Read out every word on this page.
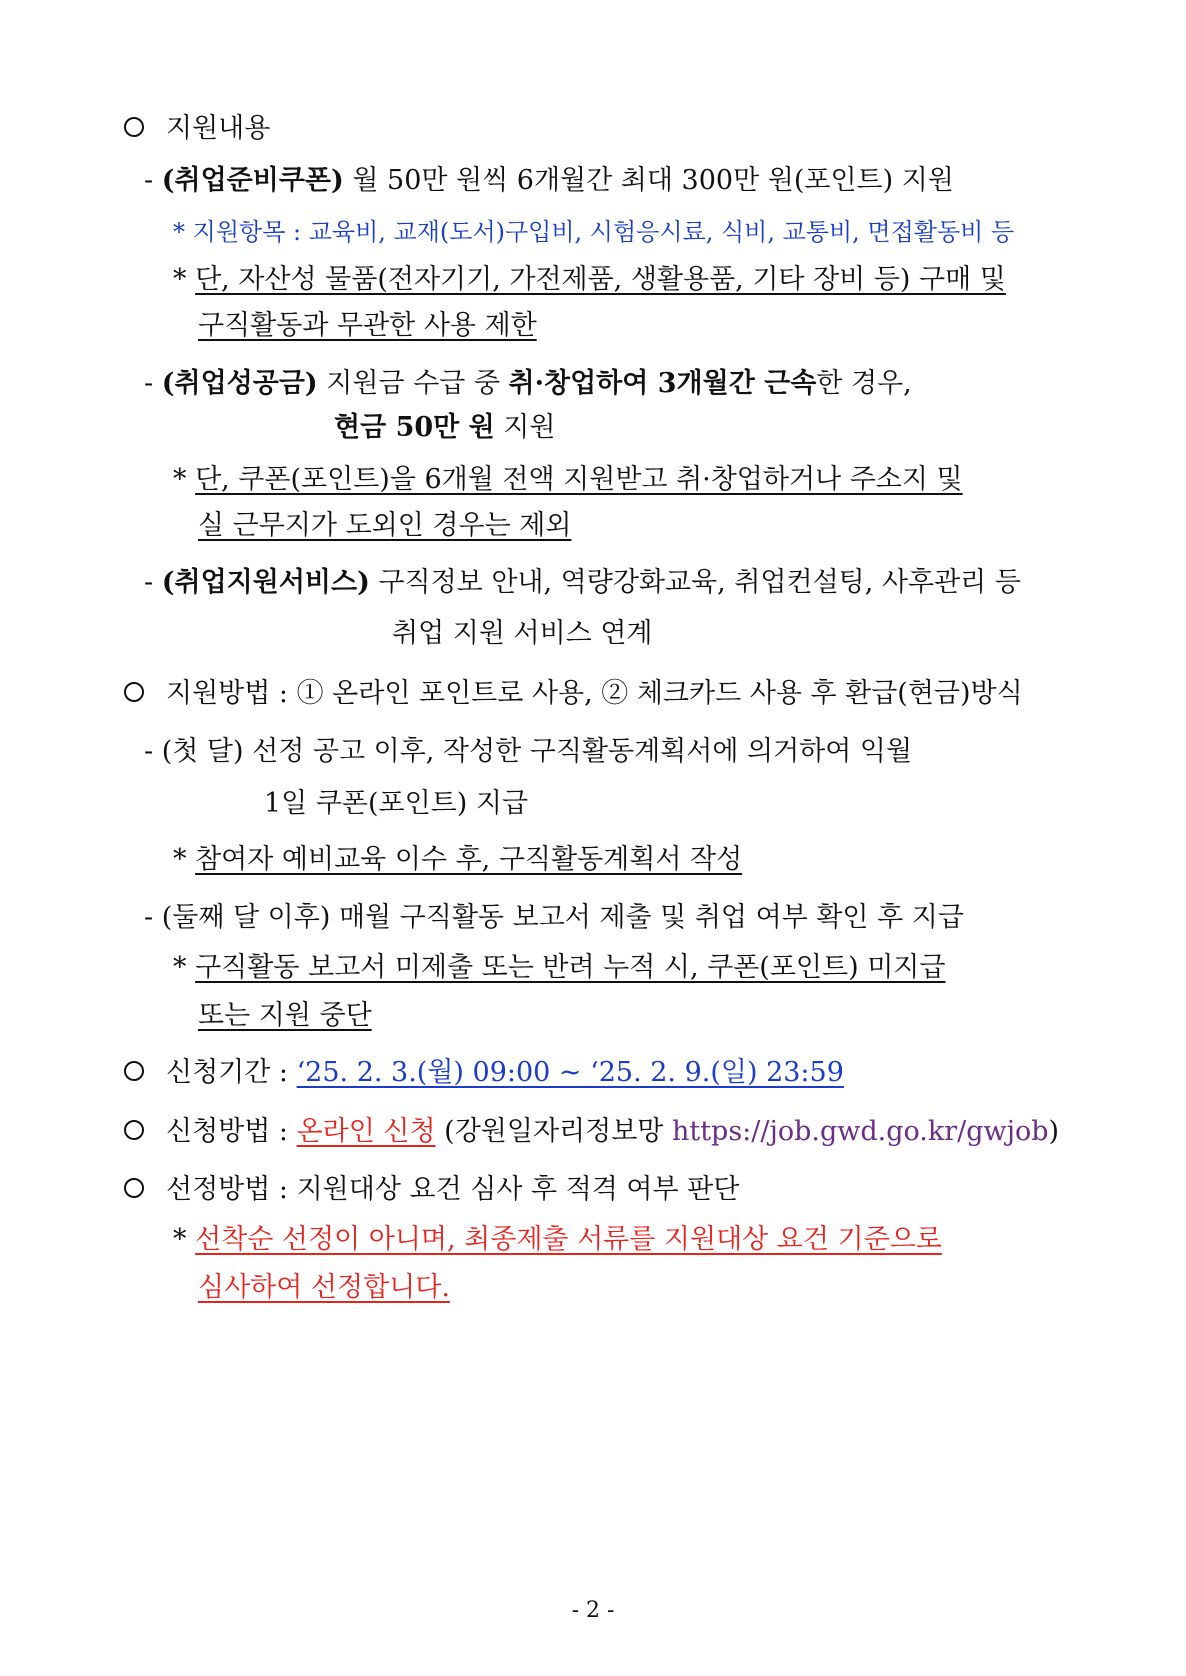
지원내용
- (취업준비쿠폰) 월 50만 원씩 6개월간 최대 300만 원(포인트) 지원
* 지원항목 : 교육비, 교재(도서)구입비, 시험응시료, 식비, 교통비, 면접활동비 등
* 단, 자산성 물품(전자기기, 가전제품, 생활용품, 기타 장비 등) 구매 및
구직활동과 무관한 사용 제한
- (취업성공금) 지원금 수급 중 취·창업하여 3개월간 근속한 경우,
현금 50만 원 지원
* 단, 쿠폰(포인트)을 6개월 전액 지원받고 취·창업하거나 주소지 및
실 근무지가 도외인 경우는 제외
- (취업지원서비스) 구직정보 안내, 역량강화교육, 취업컨설팅, 사후관리 등
취업 지원 서비스 연계
지원방법 : ① 온라인 포인트로 사용, ② 체크카드 사용 후 환급(현금)방식
- (첫 달) 선정 공고 이후, 작성한 구직활동계획서에 의거하여 익월
1일 쿠폰(포인트) 지급
* 참여자 예비교육 이수 후, 구직활동계획서 작성
- (둘째 달 이후) 매월 구직활동 보고서 제출 및 취업 여부 확인 후 지급
* 구직활동 보고서 미제출 또는 반려 누적 시, 쿠폰(포인트) 미지급
또는 지원 중단
신청기간 : ‘25. 2. 3.(월) 09:00 ~ ‘25. 2. 9.(일) 23:59
신청방법 : 온라인 신청 (강원일자리정보망 https://job.gwd.go.kr/gwjob)
선정방법 : 지원대상 요건 심사 후 적격 여부 판단
* 선착순 선정이 아니며, 최종제출 서류를 지원대상 요건 기준으로
심사하여 선정합니다.
- 2 -
